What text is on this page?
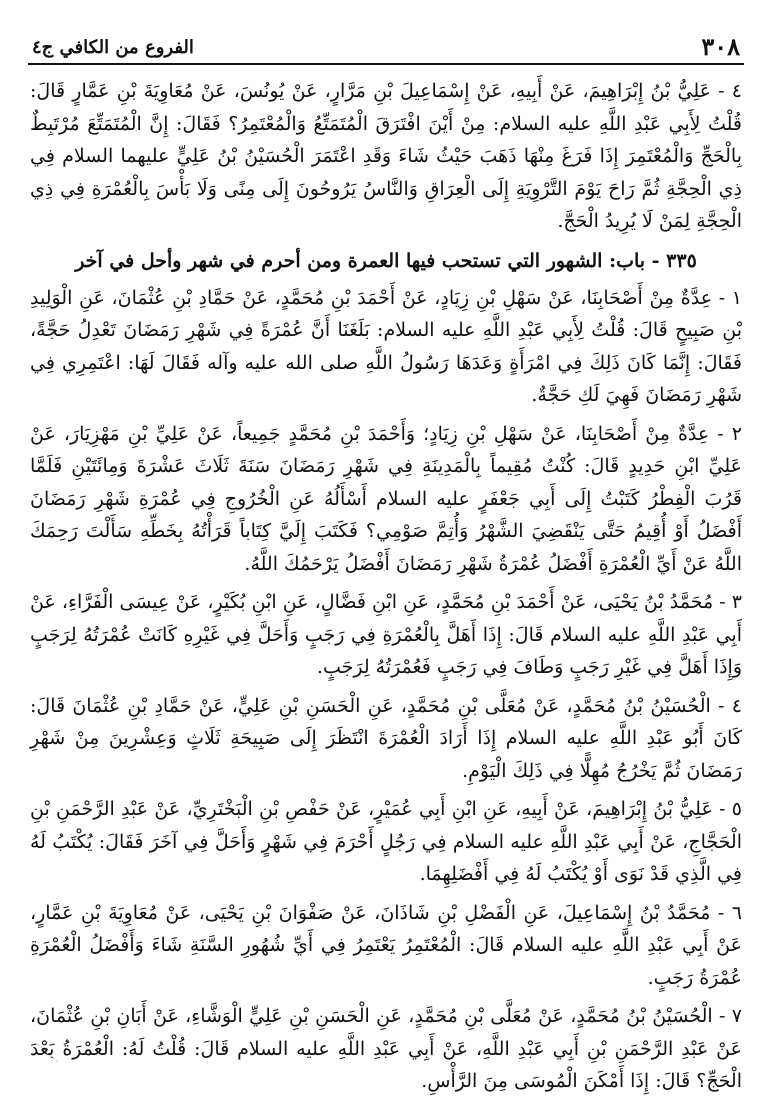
٣٠٨
الفروع من الكافي ج٤

٤ - عَلِيُّ بْنُ إِبْرَاهِيمَ، عَنْ أَبِيهِ، عَنْ إِسْمَاعِيلَ بْنِ مَرَّارٍ، عَنْ يُونُسَ، عَنْ مُعَاوِيَةَ بْنِ عَمَّارٍ قَالَ: قُلْتُ لِأَبِي عَبْدِ اللَّهِ عليه السلام: مِنْ أَيْنَ افْتَرَقَ الْمُتَمَتِّعُ وَالْمُعْتَمِرُ؟ فَقَالَ: إِنَّ الْمُتَمَتِّعَ مُرْتَبِطٌ بِالْحَجِّ وَالْمُعْتَمِرَ إِذَا فَرَغَ مِنْهَا ذَهَبَ حَيْثُ شَاءَ وَقَدِ اعْتَمَرَ الْحُسَيْنُ بْنُ عَلِيٍّ عليهما السلام فِي ذِي الْحِجَّةِ ثُمَّ رَاحَ يَوْمَ التَّرْوِيَةِ إِلَى الْعِرَاقِ وَالنَّاسُ يَرُوحُونَ إِلَى مِنًى وَلَا بَأْسَ بِالْعُمْرَةِ فِي ذِي الْحِجَّةِ لِمَنْ لَا يُرِيدُ الْحَجَّ.

٣٣٥ - باب: الشهور التي تستحب فيها العمرة ومن أحرم في شهر وأحل في آخر

١ - عِدَّةٌ مِنْ أَصْحَابِنَا، عَنْ سَهْلِ بْنِ زِيَادٍ، عَنْ أَحْمَدَ بْنِ مُحَمَّدٍ، عَنْ حَمَّادِ بْنِ عُثْمَانَ، عَنِ الْوَلِيدِ بْنِ صَبِيحٍ قَالَ: قُلْتُ لِأَبِي عَبْدِ اللَّهِ عليه السلام: بَلَغَنَا أَنَّ عُمْرَةً فِي شَهْرِ رَمَضَانَ تَعْدِلُ حَجَّةً، فَقَالَ: إِنَّمَا كَانَ ذَلِكَ فِي امْرَأَةٍ وَعَدَهَا رَسُولُ اللَّهِ صلى الله عليه وآله فَقَالَ لَهَا: اعْتَمِرِي فِي شَهْرِ رَمَضَانَ فَهِيَ لَكِ حَجَّةٌ.

٢ - عِدَّةٌ مِنْ أَصْحَابِنَا، عَنْ سَهْلِ بْنِ زِيَادٍ؛ وَأَحْمَدَ بْنِ مُحَمَّدٍ جَمِيعاً، عَنْ عَلِيِّ بْنِ مَهْزِيَارَ، عَنْ عَلِيِّ ابْنِ حَدِيدٍ قَالَ: كُنْتُ مُقِيماً بِالْمَدِينَةِ فِي شَهْرِ رَمَضَانَ سَنَةَ ثَلَاثَ عَشْرَةَ وَمِائَتَيْنِ فَلَمَّا قَرُبَ الْفِطْرُ كَتَبْتُ إِلَى أَبِي جَعْفَرٍ عليه السلام أَسْأَلُهُ عَنِ الْخُرُوجِ فِي عُمْرَةِ شَهْرِ رَمَضَانَ أَفْضَلُ أَوْ أُقِيمُ حَتَّى يَنْقَضِيَ الشَّهْرُ وَأُتِمَّ صَوْمِي؟ فَكَتَبَ إِلَيَّ كِتَاباً قَرَأْتُهُ بِخَطِّهِ سَأَلْتَ رَحِمَكَ اللَّهُ عَنْ أَيِّ الْعُمْرَةِ أَفْضَلُ عُمْرَةُ شَهْرِ رَمَضَانَ أَفْضَلُ يَرْحَمُكَ اللَّهُ.

٣ - مُحَمَّدُ بْنُ يَحْيَى، عَنْ أَحْمَدَ بْنِ مُحَمَّدٍ، عَنِ ابْنِ فَضَّالٍ، عَنِ ابْنِ بُكَيْرٍ، عَنْ عِيسَى الْفَرَّاءِ، عَنْ أَبِي عَبْدِ اللَّهِ عليه السلام قَالَ: إِذَا أَهَلَّ بِالْعُمْرَةِ فِي رَجَبٍ وَأَحَلَّ فِي غَيْرِهِ كَانَتْ عُمْرَتُهُ لِرَجَبٍ وَإِذَا أَهَلَّ فِي غَيْرِ رَجَبٍ وَطَافَ فِي رَجَبٍ فَعُمْرَتُهُ لِرَجَبٍ.

٤ - الْحُسَيْنُ بْنُ مُحَمَّدٍ، عَنْ مُعَلَّى بْنِ مُحَمَّدٍ، عَنِ الْحَسَنِ بْنِ عَلِيٍّ، عَنْ حَمَّادِ بْنِ عُثْمَانَ قَالَ: كَانَ أَبُو عَبْدِ اللَّهِ عليه السلام إِذَا أَرَادَ الْعُمْرَةَ انْتَظَرَ إِلَى صَبِيحَةِ ثَلَاثٍ وَعِشْرِينَ مِنْ شَهْرِ رَمَضَانَ ثُمَّ يَخْرُجُ مُهِلًّا فِي ذَلِكَ الْيَوْمِ.

٥ - عَلِيُّ بْنُ إِبْرَاهِيمَ، عَنْ أَبِيهِ، عَنِ ابْنِ أَبِي عُمَيْرٍ، عَنْ حَفْصِ بْنِ الْبَخْتَرِيِّ، عَنْ عَبْدِ الرَّحْمَنِ بْنِ الْحَجَّاجِ، عَنْ أَبِي عَبْدِ اللَّهِ عليه السلام فِي رَجُلٍ أَحْرَمَ فِي شَهْرٍ وَأَحَلَّ فِي آخَرَ فَقَالَ: يُكْتَبُ لَهُ فِي الَّذِي قَدْ نَوَى أَوْ يُكْتَبُ لَهُ فِي أَفْضَلِهِمَا.

٦ - مُحَمَّدُ بْنُ إِسْمَاعِيلَ، عَنِ الْفَضْلِ بْنِ شَاذَانَ، عَنْ صَفْوَانَ بْنِ يَحْيَى، عَنْ مُعَاوِيَةَ بْنِ عَمَّارٍ، عَنْ أَبِي عَبْدِ اللَّهِ عليه السلام قَالَ: الْمُعْتَمِرُ يَعْتَمِرُ فِي أَيِّ شُهُورِ السَّنَةِ شَاءَ وَأَفْضَلُ الْعُمْرَةِ عُمْرَةُ رَجَبٍ.

٧ - الْحُسَيْنُ بْنُ مُحَمَّدٍ، عَنْ مُعَلَّى بْنِ مُحَمَّدٍ، عَنِ الْحَسَنِ بْنِ عَلِيٍّ الْوَشَّاءِ، عَنْ أَبَانِ بْنِ عُثْمَانَ، عَنْ عَبْدِ الرَّحْمَنِ بْنِ أَبِي عَبْدِ اللَّهِ، عَنْ أَبِي عَبْدِ اللَّهِ عليه السلام قَالَ: قُلْتُ لَهُ: الْعُمْرَةُ بَعْدَ الْحَجِّ؟ قَالَ: إِذَا أَمْكَنَ الْمُوسَى مِنَ الرَّأْسِ.
